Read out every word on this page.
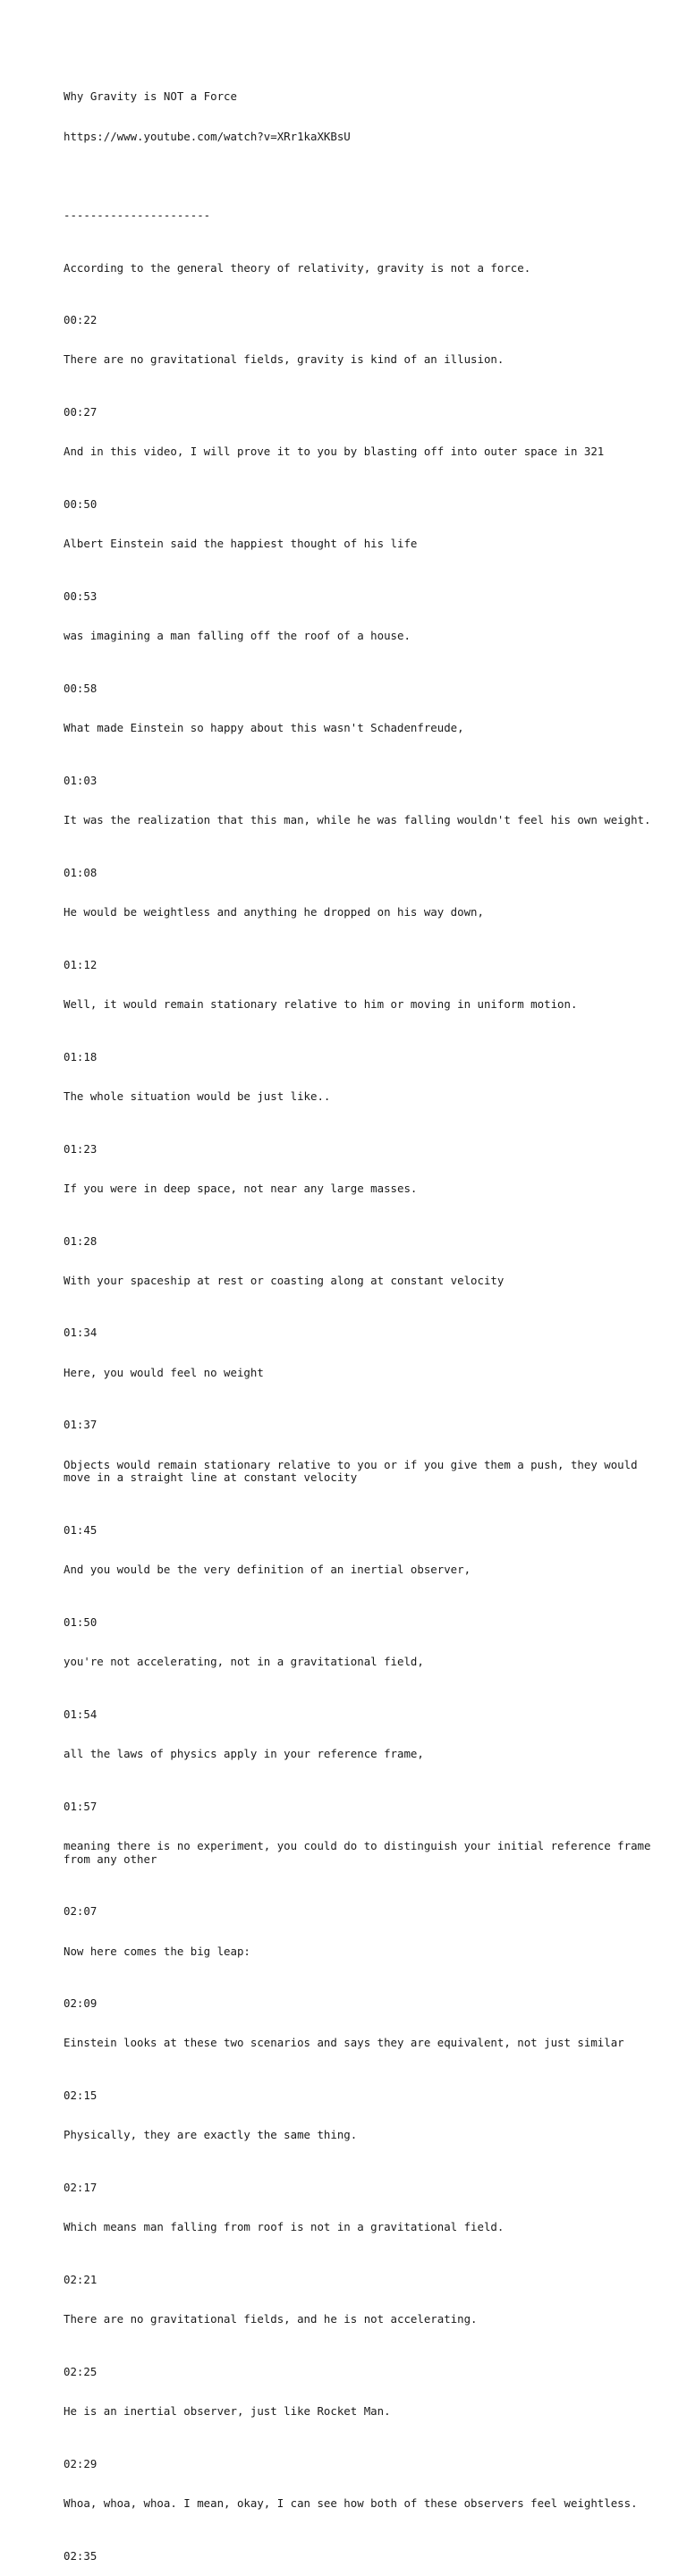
Why Gravity is NOT a Force

https://www.youtube.com/watch?v=XRr1kaXKBsU

----------------------

According to the general theory of relativity, gravity is not a force.

00:22

There are no gravitational fields, gravity is kind of an illusion.

00:27

And in this video, I will prove it to you by blasting off into outer space in 321

00:50

Albert Einstein said the happiest thought of his life

00:53

was imagining a man falling off the roof of a house.

00:58

What made Einstein so happy about this wasn't Schadenfreude,

01:03

It was the realization that this man, while he was falling wouldn't feel his own weight.

01:08

He would be weightless and anything he dropped on his way down,

01:12

Well, it would remain stationary relative to him or moving in uniform motion.

01:18

The whole situation would be just like..

01:23

If you were in deep space, not near any large masses.

01:28

With your spaceship at rest or coasting along at constant velocity

01:34

Here, you would feel no weight

01:37

Objects would remain stationary relative to you or if you give them a push, they would move in a straight line at constant velocity

01:45

And you would be the very definition of an inertial observer,

01:50

you're not accelerating, not in a gravitational field,

01:54

all the laws of physics apply in your reference frame,

01:57

meaning there is no experiment, you could do to distinguish your initial reference frame from any other

02:07

Now here comes the big leap:

02:09

Einstein looks at these two scenarios and says they are equivalent, not just similar

02:15

Physically, they are exactly the same thing.

02:17

Which means man falling from roof is not in a gravitational field.

02:21

There are no gravitational fields, and he is not accelerating.

02:25

He is an inertial observer, just like Rocket Man.

02:29

Whoa, whoa, whoa. I mean, okay, I can see how both of these observers feel weightless.

02:35
